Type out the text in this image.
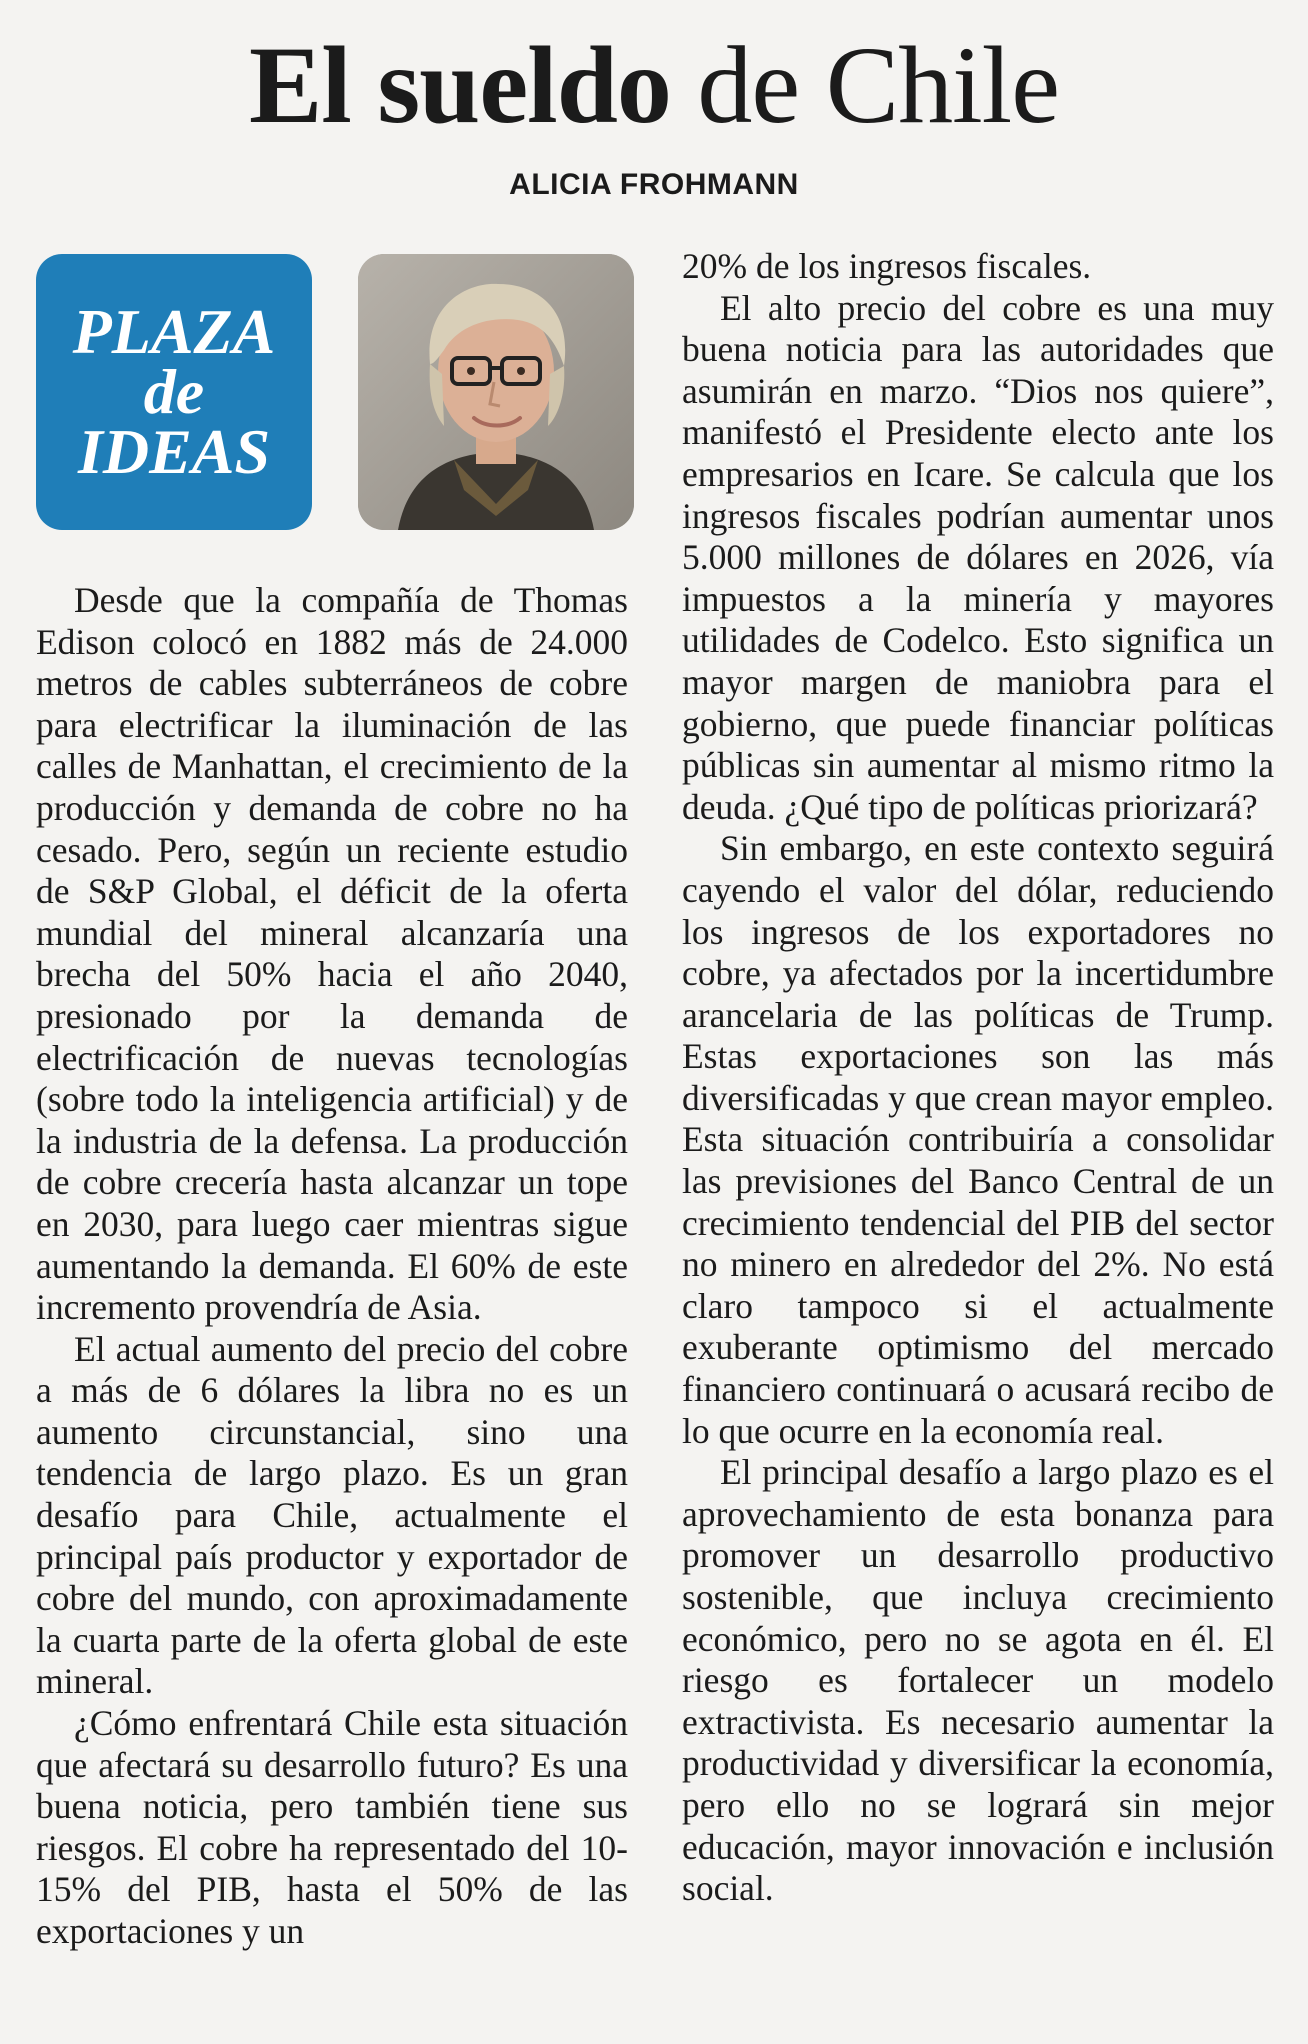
El sueldo de Chile
ALICIA FROHMANN
PLAZA
de
IDEAS

Desde que la compañía de Thomas Edison colocó en 1882 más de 24.000 metros de cables subterráneos de cobre para electrificar la iluminación de las calles de Manhattan, el crecimiento de la producción y demanda de cobre no ha cesado. Pero, según un reciente estudio de S&P Global, el déficit de la oferta mundial del mineral alcanzaría una brecha del 50% hacia el año 2040, presionado por la demanda de electrificación de nuevas tecnologías (sobre todo la inteligencia artificial) y de la industria de la defensa. La producción de cobre crecería hasta alcanzar un tope en 2030, para luego caer mientras sigue aumentando la demanda. El 60% de este incremento provendría de Asia.

El actual aumento del precio del cobre a más de 6 dólares la libra no es un aumento circunstancial, sino una tendencia de largo plazo. Es un gran desafío para Chile, actualmente el principal país productor y exportador de cobre del mundo, con aproximadamente la cuarta parte de la oferta global de este mineral.

¿Cómo enfrentará Chile esta situación que afectará su desarrollo futuro? Es una buena noticia, pero también tiene sus riesgos. El cobre ha representado del 10-15% del PIB, hasta el 50% de las exportaciones y un

20% de los ingresos fiscales.

El alto precio del cobre es una muy buena noticia para las autoridades que asumirán en marzo. “Dios nos quiere”, manifestó el Presidente electo ante los empresarios en Icare. Se calcula que los ingresos fiscales podrían aumentar unos 5.000 millones de dólares en 2026, vía impuestos a la minería y mayores utilidades de Codelco. Esto significa un mayor margen de maniobra para el gobierno, que puede financiar políticas públicas sin aumentar al mismo ritmo la deuda. ¿Qué tipo de políticas priorizará?

Sin embargo, en este contexto seguirá cayendo el valor del dólar, reduciendo los ingresos de los exportadores no cobre, ya afectados por la incertidumbre arancelaria de las políticas de Trump. Estas exportaciones son las más diversificadas y que crean mayor empleo. Esta situación contribuiría a consolidar las previsiones del Banco Central de un crecimiento tendencial del PIB del sector no minero en alrededor del 2%. No está claro tampoco si el actualmente exuberante optimismo del mercado financiero continuará o acusará recibo de lo que ocurre en la economía real.

El principal desafío a largo plazo es el aprovechamiento de esta bonanza para promover un desarrollo productivo sostenible, que incluya crecimiento económico, pero no se agota en él. El riesgo es fortalecer un modelo extractivista. Es necesario aumentar la productividad y diversificar la economía, pero ello no se logrará sin mejor educación, mayor innovación e inclusión social.
